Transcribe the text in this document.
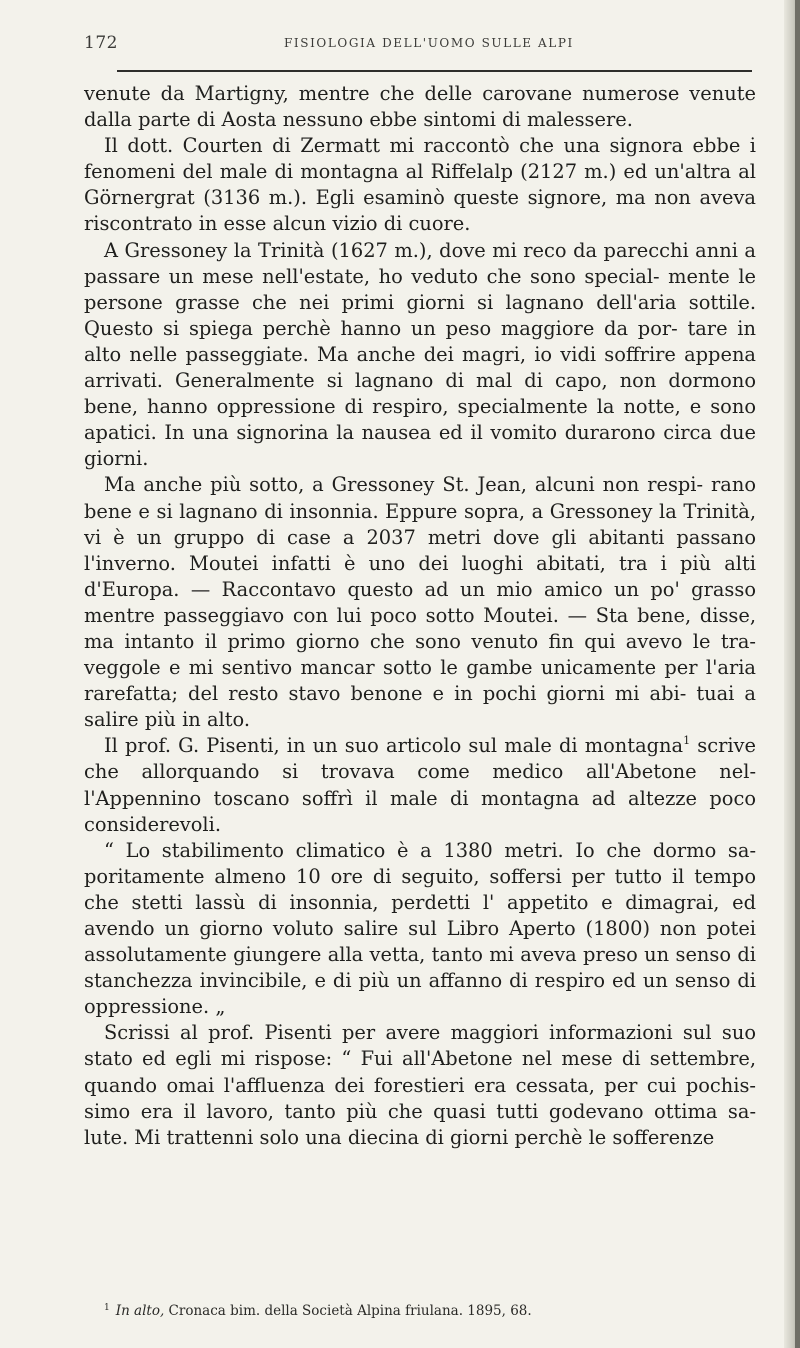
172	FISIOLOGIA DELL'UOMO SULLE ALPI

venute da Martigny, mentre che delle carovane numerose venute dalla parte di Aosta nessuno ebbe sintomi di malessere.

Il dott. Courten di Zermatt mi raccontò che una signora ebbe i fenomeni del male di montagna al Riffelalp (2127 m.) ed un'altra al Görnergrat (3136 m.). Egli esaminò queste signore, ma non aveva riscontrato in esse alcun vizio di cuore.

A Gressoney la Trinità (1627 m.), dove mi reco da parecchi anni a passare un mese nell'estate, ho veduto che sono special- mente le persone grasse che nei primi giorni si lagnano dell'aria sottile. Questo si spiega perchè hanno un peso maggiore da por- tare in alto nelle passeggiate. Ma anche dei magri, io vidi soffrire appena arrivati. Generalmente si lagnano di mal di capo, non dormono bene, hanno oppressione di respiro, specialmente la notte, e sono apatici. In una signorina la nausea ed il vomito durarono circa due giorni.

Ma anche più sotto, a Gressoney St. Jean, alcuni non respi- rano bene e si lagnano di insonnia. Eppure sopra, a Gressoney la Trinità, vi è un gruppo di case a 2037 metri dove gli abitanti passano l'inverno. Moutei infatti è uno dei luoghi abitati, tra i più alti d'Europa. — Raccontavo questo ad un mio amico un po' grasso mentre passeggiavo con lui poco sotto Moutei. — Sta bene, disse, ma intanto il primo giorno che sono venuto fin qui avevo le tra- veggole e mi sentivo mancar sotto le gambe unicamente per l'aria rarefatta; del resto stavo benone e in pochi giorni mi abi- tuai a salire più in alto.

Il prof. G. Pisenti, in un suo articolo sul male di montagna$^1$ scrive che allorquando si trovava come medico all'Abetone nel- l'Appennino toscano soffrì il male di montagna ad altezze poco considerevoli.

“ Lo stabilimento climatico è a 1380 metri. Io che dormo sa- poritamente almeno 10 ore di seguito, soffersi per tutto il tempo che stetti lassù di insonnia, perdetti l' appetito e dimagrai, ed avendo un giorno voluto salire sul Libro Aperto (1800) non potei assolutamente giungere alla vetta, tanto mi aveva preso un senso di stanchezza invincibile, e di più un affanno di respiro ed un senso di oppressione. „

Scrissi al prof. Pisenti per avere maggiori informazioni sul suo stato ed egli mi rispose: “ Fui all'Abetone nel mese di settembre, quando omai l'affluenza dei forestieri era cessata, per cui pochis- simo era il lavoro, tanto più che quasi tutti godevano ottima sa- lute. Mi trattenni solo una diecina di giorni perchè le sofferenze

$^1$ In alto, Cronaca bim. della Società Alpina friulana. 1895, 68.
